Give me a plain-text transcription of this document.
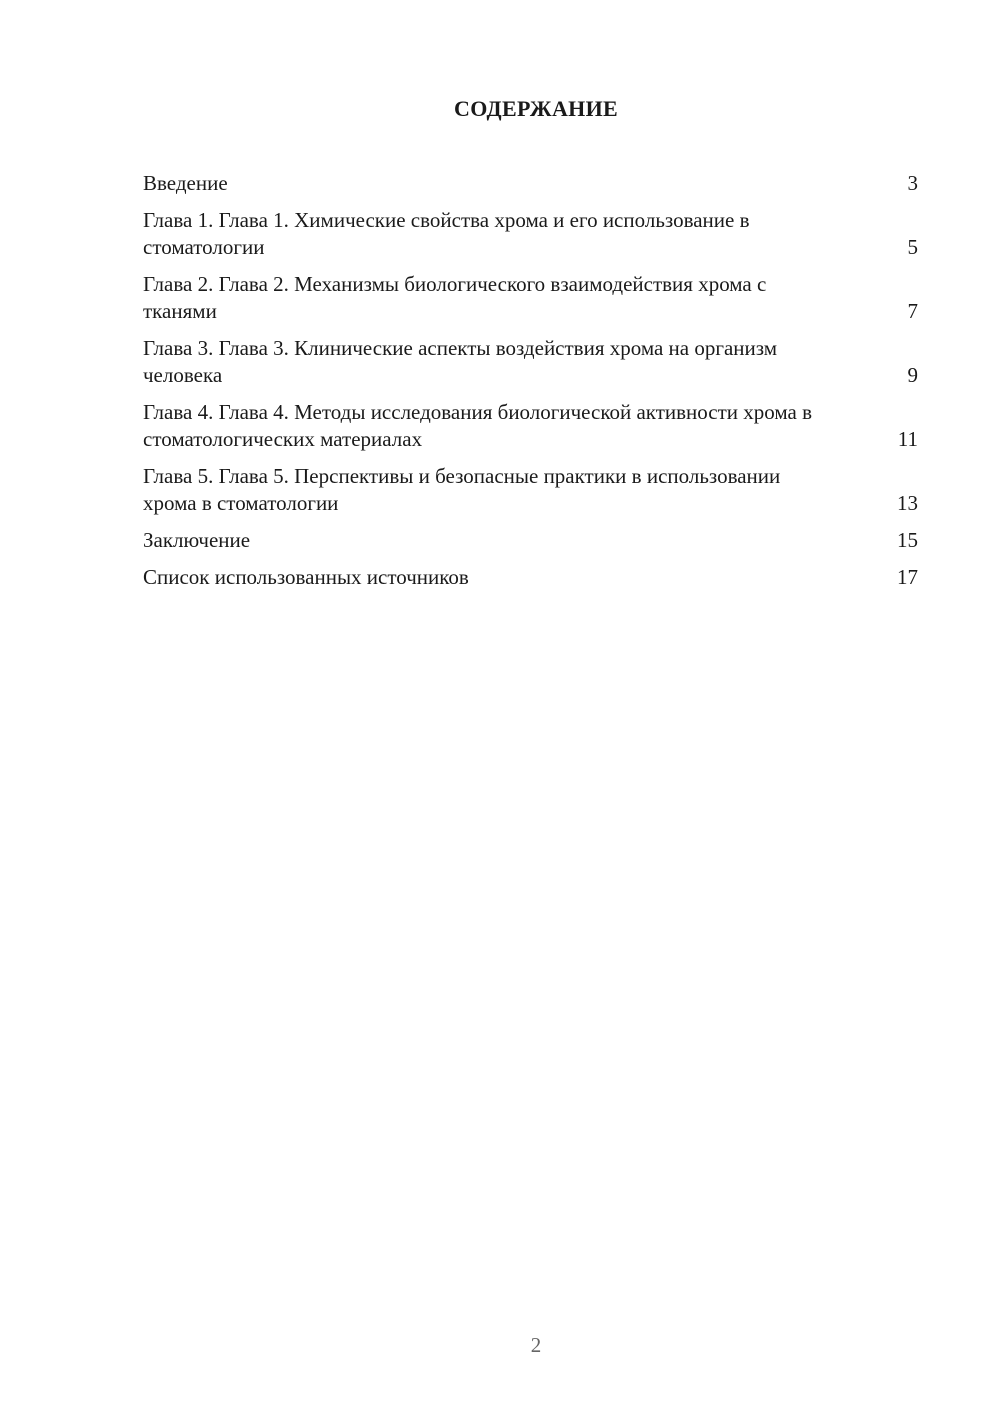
СОДЕРЖАНИЕ
Введение	3
Глава 1. Глава 1. Химические свойства хрома и его использование в стоматологии	5
Глава 2. Глава 2. Механизмы биологического взаимодействия хрома с тканями	7
Глава 3. Глава 3. Клинические аспекты воздействия хрома на организм человека	9
Глава 4. Глава 4. Методы исследования биологической активности хрома в стоматологических материалах	11
Глава 5. Глава 5. Перспективы и безопасные практики в использовании хрома в стоматологии	13
Заключение	15
Список использованных источников	17
2
